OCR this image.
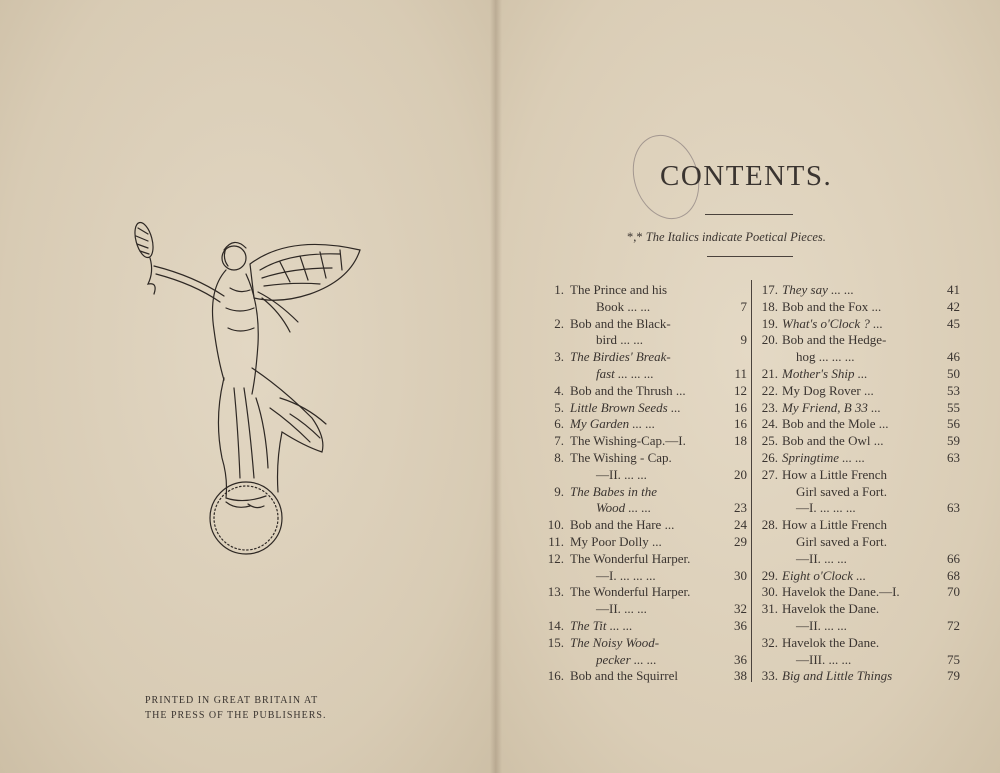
PRINTED IN GREAT BRITAIN AT
THE PRESS OF THE PUBLISHERS.
CONTENTS.
*,* The Italics indicate Poetical Pieces.
1. The Prince and his
Book ... ...	7
2. Bob and the Black-
bird ... ...	9
3. The Birdies' Break-
fast ... ... ...	11
4. Bob and the Thrush ...	12
5. Little Brown Seeds ...	16
6. My Garden ... ...	16
7. The Wishing-Cap.—I.	18
8. The Wishing - Cap.
—II. ... ...	20
9. The Babes in the
Wood ... ...	23
10. Bob and the Hare ...	24
11. My Poor Dolly ...	29
12. The Wonderful Harper.
—I. ... ... ...	30
13. The Wonderful Harper.
—II. ... ...	32
14. The Tit ... ...	36
15. The Noisy Wood-
pecker ... ...	36
16. Bob and the Squirrel	38
17. They say ... ...	41
18. Bob and the Fox ...	42
19. What's o'Clock ? ...	45
20. Bob and the Hedge-
hog ... ... ...	46
21. Mother's Ship ...	50
22. My Dog Rover ...	53
23. My Friend, B 33 ...	55
24. Bob and the Mole ...	56
25. Bob and the Owl ...	59
26. Springtime ... ...	63
27. How a Little French
Girl saved a Fort.
—I. ... ... ...	63
28. How a Little French
Girl saved a Fort.
—II. ... ...	66
29. Eight o'Clock ...	68
30. Havelok the Dane.—I.	70
31. Havelok the Dane.
—II. ... ...	72
32. Havelok the Dane.
—III. ... ...	75
33. Big and Little Things	79
